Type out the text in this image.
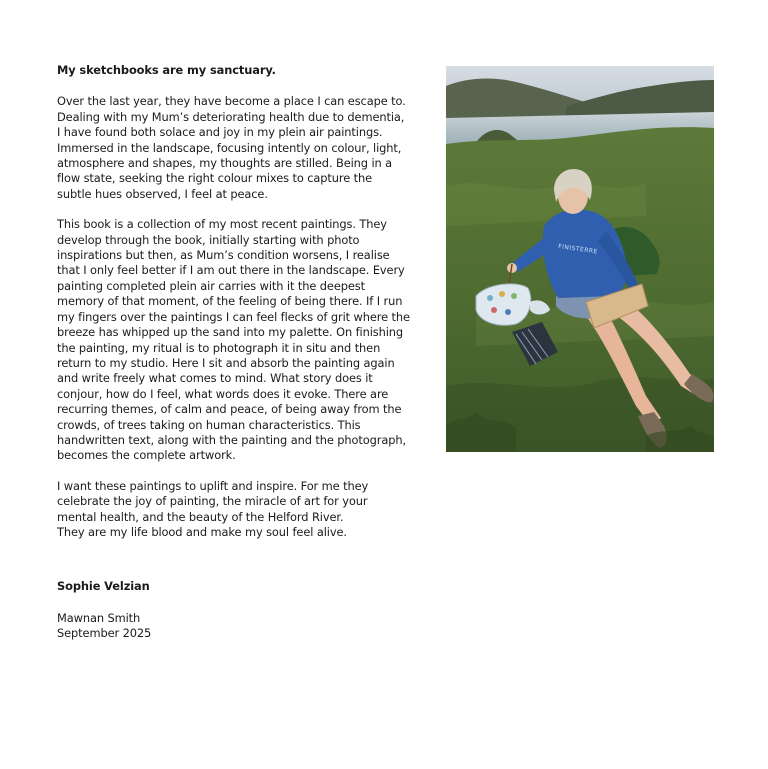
My sketchbooks are my sanctuary.

Over the last year, they have become a place I can escape to.
Dealing with my Mum’s deteriorating health due to dementia,
I have found both solace and joy in my plein air paintings.
Immersed in the landscape, focusing intently on colour, light,
atmosphere and shapes, my thoughts are stilled. Being in a
flow state, seeking the right colour mixes to capture the
subtle hues observed, I feel at peace.

This book is a collection of my most recent paintings. They
develop through the book, initially starting with photo
inspirations but then, as Mum’s condition worsens, I realise
that I only feel better if I am out there in the landscape. Every
painting completed plein air carries with it the deepest
memory of that moment, of the feeling of being there. If I run
my fingers over the paintings I can feel flecks of grit where the
breeze has whipped up the sand into my palette. On finishing
the painting, my ritual is to photograph it in situ and then
return to my studio. Here I sit and absorb the painting again
and write freely what comes to mind. What story does it
conjour, how do I feel, what words does it evoke. There are
recurring themes, of calm and peace, of being away from the
crowds, of trees taking on human characteristics. This
handwritten text, along with the painting and the photograph,
becomes the complete artwork.

I want these paintings to uplift and inspire. For me they
celebrate the joy of painting, the miracle of art for your
mental health, and the beauty of the Helford River.
They are my life blood and make my soul feel alive.

Sophie Velzian

Mawnan Smith

September 2025

FINISTERRE
